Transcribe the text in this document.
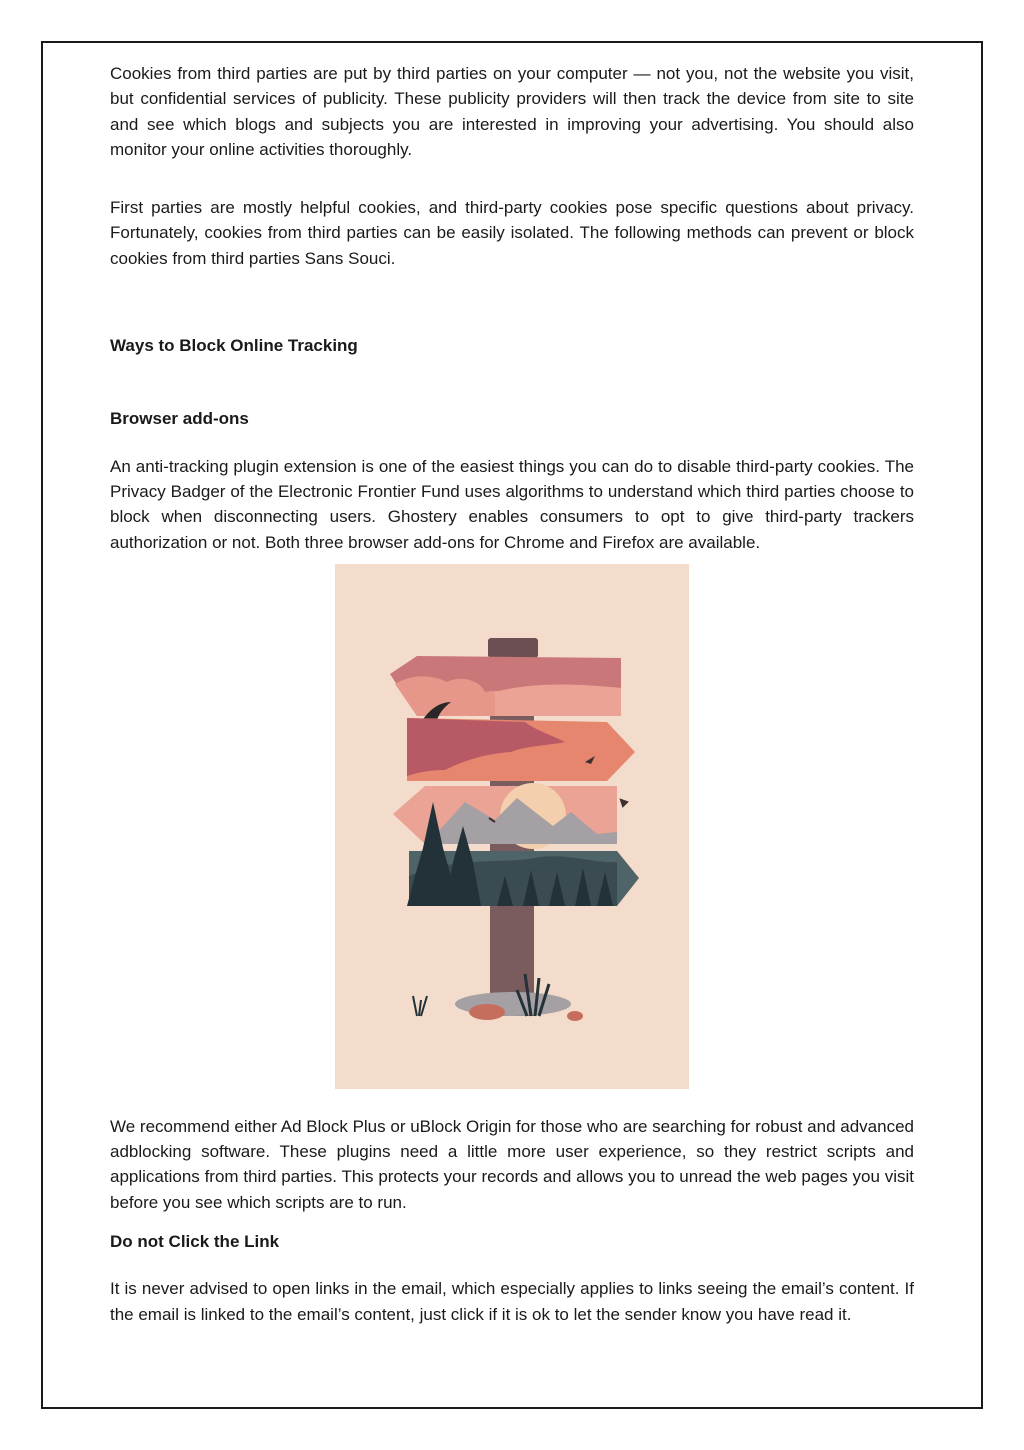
Cookies from third parties are put by third parties on your computer — not you, not the website you visit, but confidential services of publicity. These publicity providers will then track the device from site to site and see which blogs and subjects you are interested in improving your advertising. You should also monitor your online activities thoroughly.

First parties are mostly helpful cookies, and third-party cookies pose specific questions about privacy. Fortunately, cookies from third parties can be easily isolated. The following methods can prevent or block cookies from third parties Sans Souci.

Ways to Block Online Tracking
Browser add-ons

An anti-tracking plugin extension is one of the easiest things you can do to disable third-party cookies. The Privacy Badger of the Electronic Frontier Fund uses algorithms to understand which third parties choose to block when disconnecting users. Ghostery enables consumers to opt to give third-party trackers authorization or not. Both three browser add-ons for Chrome and Firefox are available.

We recommend either Ad Block Plus or uBlock Origin for those who are searching for robust and advanced adblocking software. These plugins need a little more user experience, so they restrict scripts and applications from third parties. This protects your records and allows you to unread the web pages you visit before you see which scripts are to run.

Do not Click the Link

It is never advised to open links in the email, which especially applies to links seeing the email’s content. If the email is linked to the email’s content, just click if it is ok to let the sender know you have read it.
